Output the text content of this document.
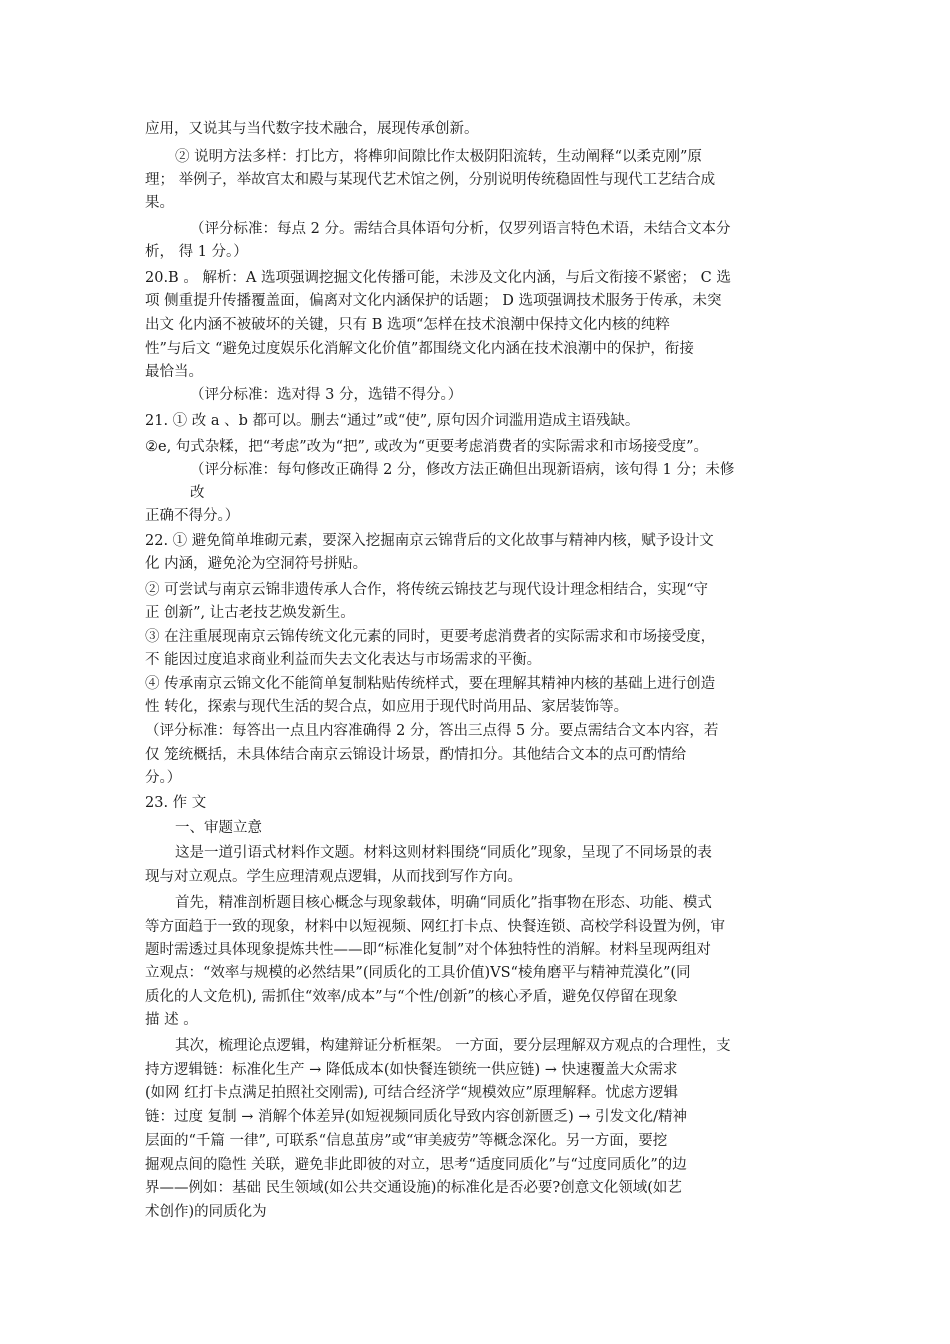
应用，又说其与当代数字技术融合，展现传承创新。
② 说明方法多样：打比方，将榫卯间隙比作太极阴阳流转，生动阐释“以柔克刚”原
理； 举例子，举故宫太和殿与某现代艺术馆之例，分别说明传统稳固性与现代工艺结合成
果。
（评分标准：每点 2 分。需结合具体语句分析，仅罗列语言特色术语，未结合文本分
析， 得 1 分。）
20.B 。 解析：A 选项强调挖掘文化传播可能，未涉及文化内涵，与后文衔接不紧密； C 选
项 侧重提升传播覆盖面，偏离对文化内涵保护的话题； D 选项强调技术服务于传承，未突
出文 化内涵不被破坏的关键，只有 B 选项“怎样在技术浪潮中保持文化内核的纯粹
性”与后文 “避免过度娱乐化消解文化价值”都围绕文化内涵在技术浪潮中的保护，衔接
最恰当。
（评分标准：选对得 3 分，选错不得分。）
21. ① 改 a 、b 都可以。删去“通过”或“使”, 原句因介词滥用造成主语残缺。
②e, 句式杂糅，把“考虑”改为“把”, 或改为“更要考虑消费者的实际需求和市场接受度”。
（评分标准：每句修改正确得 2 分，修改方法正确但出现新语病，该句得 1 分；未修
改
正确不得分。）
22. ① 避免简单堆砌元素，要深入挖掘南京云锦背后的文化故事与精神内核，赋予设计文
化 内涵，避免沦为空洞符号拼贴。
② 可尝试与南京云锦非遗传承人合作，将传统云锦技艺与现代设计理念相结合，实现“守
正 创新”, 让古老技艺焕发新生。
③ 在注重展现南京云锦传统文化元素的同时，更要考虑消费者的实际需求和市场接受度，
不 能因过度追求商业利益而失去文化表达与市场需求的平衡。
④ 传承南京云锦文化不能简单复制粘贴传统样式，要在理解其精神内核的基础上进行创造
性 转化，探索与现代生活的契合点，如应用于现代时尚用品、家居装饰等。
（评分标准：每答出一点且内容准确得 2 分，答出三点得 5 分。要点需结合文本内容，若
仅 笼统概括，未具体结合南京云锦设计场景，酌情扣分。其他结合文本的点可酌情给
分。）
23. 作 文
一、审题立意
这是一道引语式材料作文题。材料这则材料围绕“同质化”现象，呈现了不同场景的表
现与对立观点。学生应理清观点逻辑，从而找到写作方向。
首先，精准剖析题目核心概念与现象载体，明确“同质化”指事物在形态、功能、模式
等方面趋于一致的现象，材料中以短视频、网红打卡点、快餐连锁、高校学科设置为例，审
题时需透过具体现象提炼共性——即“标准化复制”对个体独特性的消解。材料呈现两组对
立观点：“效率与规模的必然结果”(同质化的工具价值)VS“棱角磨平与精神荒漠化”(同
质化的人文危机), 需抓住“效率/成本”与“个性/创新”的核心矛盾，避免仅停留在现象
描 述 。
其次，梳理论点逻辑，构建辩证分析框架。 一方面，要分层理解双方观点的合理性，支
持方逻辑链：标准化生产 → 降低成本(如快餐连锁统一供应链) → 快速覆盖大众需求
(如网 红打卡点满足拍照社交刚需), 可结合经济学“规模效应”原理解释。忧虑方逻辑
链：过度 复制 → 消解个体差异(如短视频同质化导致内容创新匮乏) → 引发文化/精神
层面的“千篇 一律”, 可联系“信息茧房”或“审美疲劳”等概念深化。另一方面，要挖
掘观点间的隐性 关联，避免非此即彼的对立，思考“适度同质化”与“过度同质化”的边
界——例如：基础 民生领域(如公共交通设施)的标准化是否必要?创意文化领域(如艺
术创作)的同质化为
